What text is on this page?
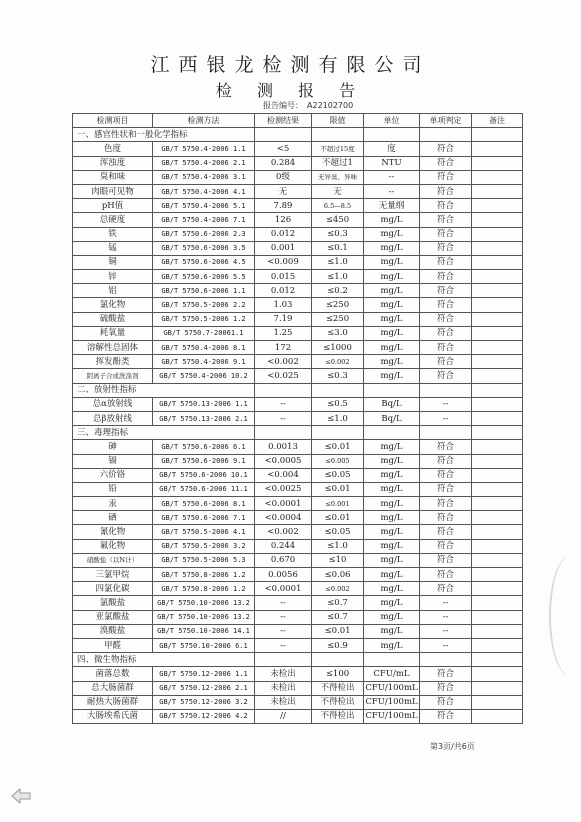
江西银龙检测有限公司
检 测 报 告
报告编号： A22102700
检测项目	检测方法	检测结果	限值	单位	单项判定	备注
一、感官性状和一般化学指标						
色度	GB/T 5750.4-2006 1.1	<5	不超过15度	度	符合	
浑浊度	GB/T 5750.4-2006 2.1	0.284	不超过1	NTU	符合	
臭和味	GB/T 5750.4-2006 3.1	0级	无异臭、异味	--	符合	
肉眼可见物	GB/T 5750.4-2006 4.1	无	无	--	符合	
pH值	GB/T 5750.4-2006 5.1	7.89	6.5—8.5	无量纲	符合	
总硬度	GB/T 5750.4-2006 7.1	126	≤450	mg/L	符合	
铁	GB/T 5750.6-2006 2.3	0.012	≤0.3	mg/L	符合	
锰	GB/T 5750.6-2006 3.5	0.001	≤0.1	mg/L	符合	
铜	GB/T 5750.6-2006 4.5	<0.009	≤1.0	mg/L	符合	
锌	GB/T 5750.6-2006 5.5	0.015	≤1.0	mg/L	符合	
铝	GB/T 5750.6-2006 1.1	0.012	≤0.2	mg/L	符合	
氯化物	GB/T 5750.5-2006 2.2	1.03	≤250	mg/L	符合	
硫酸盐	GB/T 5750.5-2006 1.2	7.19	≤250	mg/L	符合	
耗氧量	GB/T 5750.7-20061.1	1.25	≤3.0	mg/L	符合	
溶解性总固体	GB/T 5750.4-2006 8.1	172	≤1000	mg/L	符合	
挥发酚类	GB/T 5750.4-2006 9.1	<0.002	≤0.002	mg/L	符合	
阴离子合成洗涤剂	GB/T 5750.4-2006 10.2	<0.025	≤0.3	mg/L	符合	
二、放射性指标						
总α放射线	GB/T 5750.13-2006 1.1	--	≤0.5	Bq/L	--	
总β放射线	GB/T 5750.13-2006 2.1	--	≤1.0	Bq/L	--	
三、毒理指标						
砷	GB/T 5750.6-2006 6.1	0.0013	≤0.01	mg/L	符合	
镉	GB/T 5750.6-2006 9.1	<0.0005	≤0.005	mg/L	符合	
六价铬	GB/T 5750.6-2006 10.1	<0.004	≤0.05	mg/L	符合	
铅	GB/T 5750.6-2006 11.1	<0.0025	≤0.01	mg/L	符合	
汞	GB/T 5750.6-2006 8.1	<0.0001	≤0.001	mg/L	符合	
硒	GB/T 5750.6-2006 7.1	<0.0004	≤0.01	mg/L	符合	
氰化物	GB/T 5750.5-2006 4.1	<0.002	≤0.05	mg/L	符合	
氟化物	GB/T 5750.5-2006 3.2	0.244	≤1.0	mg/L	符合	
硝酸盐（以N计）	GB/T 5750.5-2006 5.3	0.670	≤10	mg/L	符合	
三氯甲烷	GB/T 5750.8-2006 1.2	0.0056	≤0.06	mg/L	符合	
四氯化碳	GB/T 5750.8-2006 1.2	<0.0001	≤0.002	mg/L	符合	
氯酸盐	GB/T 5750.10-2006 13.2	--	≤0.7	mg/L	--	
亚氯酸盐	GB/T 5750.10-2006 13.2	--	≤0.7	mg/L	--	
溴酸盐	GB/T 5750.10-2006 14.1	--	≤0.01	mg/L	--	
甲醛	GB/T 5750.10-2006 6.1	--	≤0.9	mg/L	--	
四、微生物指标						
菌落总数	GB/T 5750.12-2006 1.1	未检出	≤100	CFU/mL	符合	
总大肠菌群	GB/T 5750.12-2006 2.1	未检出	不得检出	CFU/100mL	符合	
耐热大肠菌群	GB/T 5750.12-2006 3.2	未检出	不得检出	CFU/100mL	符合	
大肠埃希氏菌	GB/T 5750.12-2006 4.2	//	不得检出	CFU/100mL	符合	
第3页/共6页
